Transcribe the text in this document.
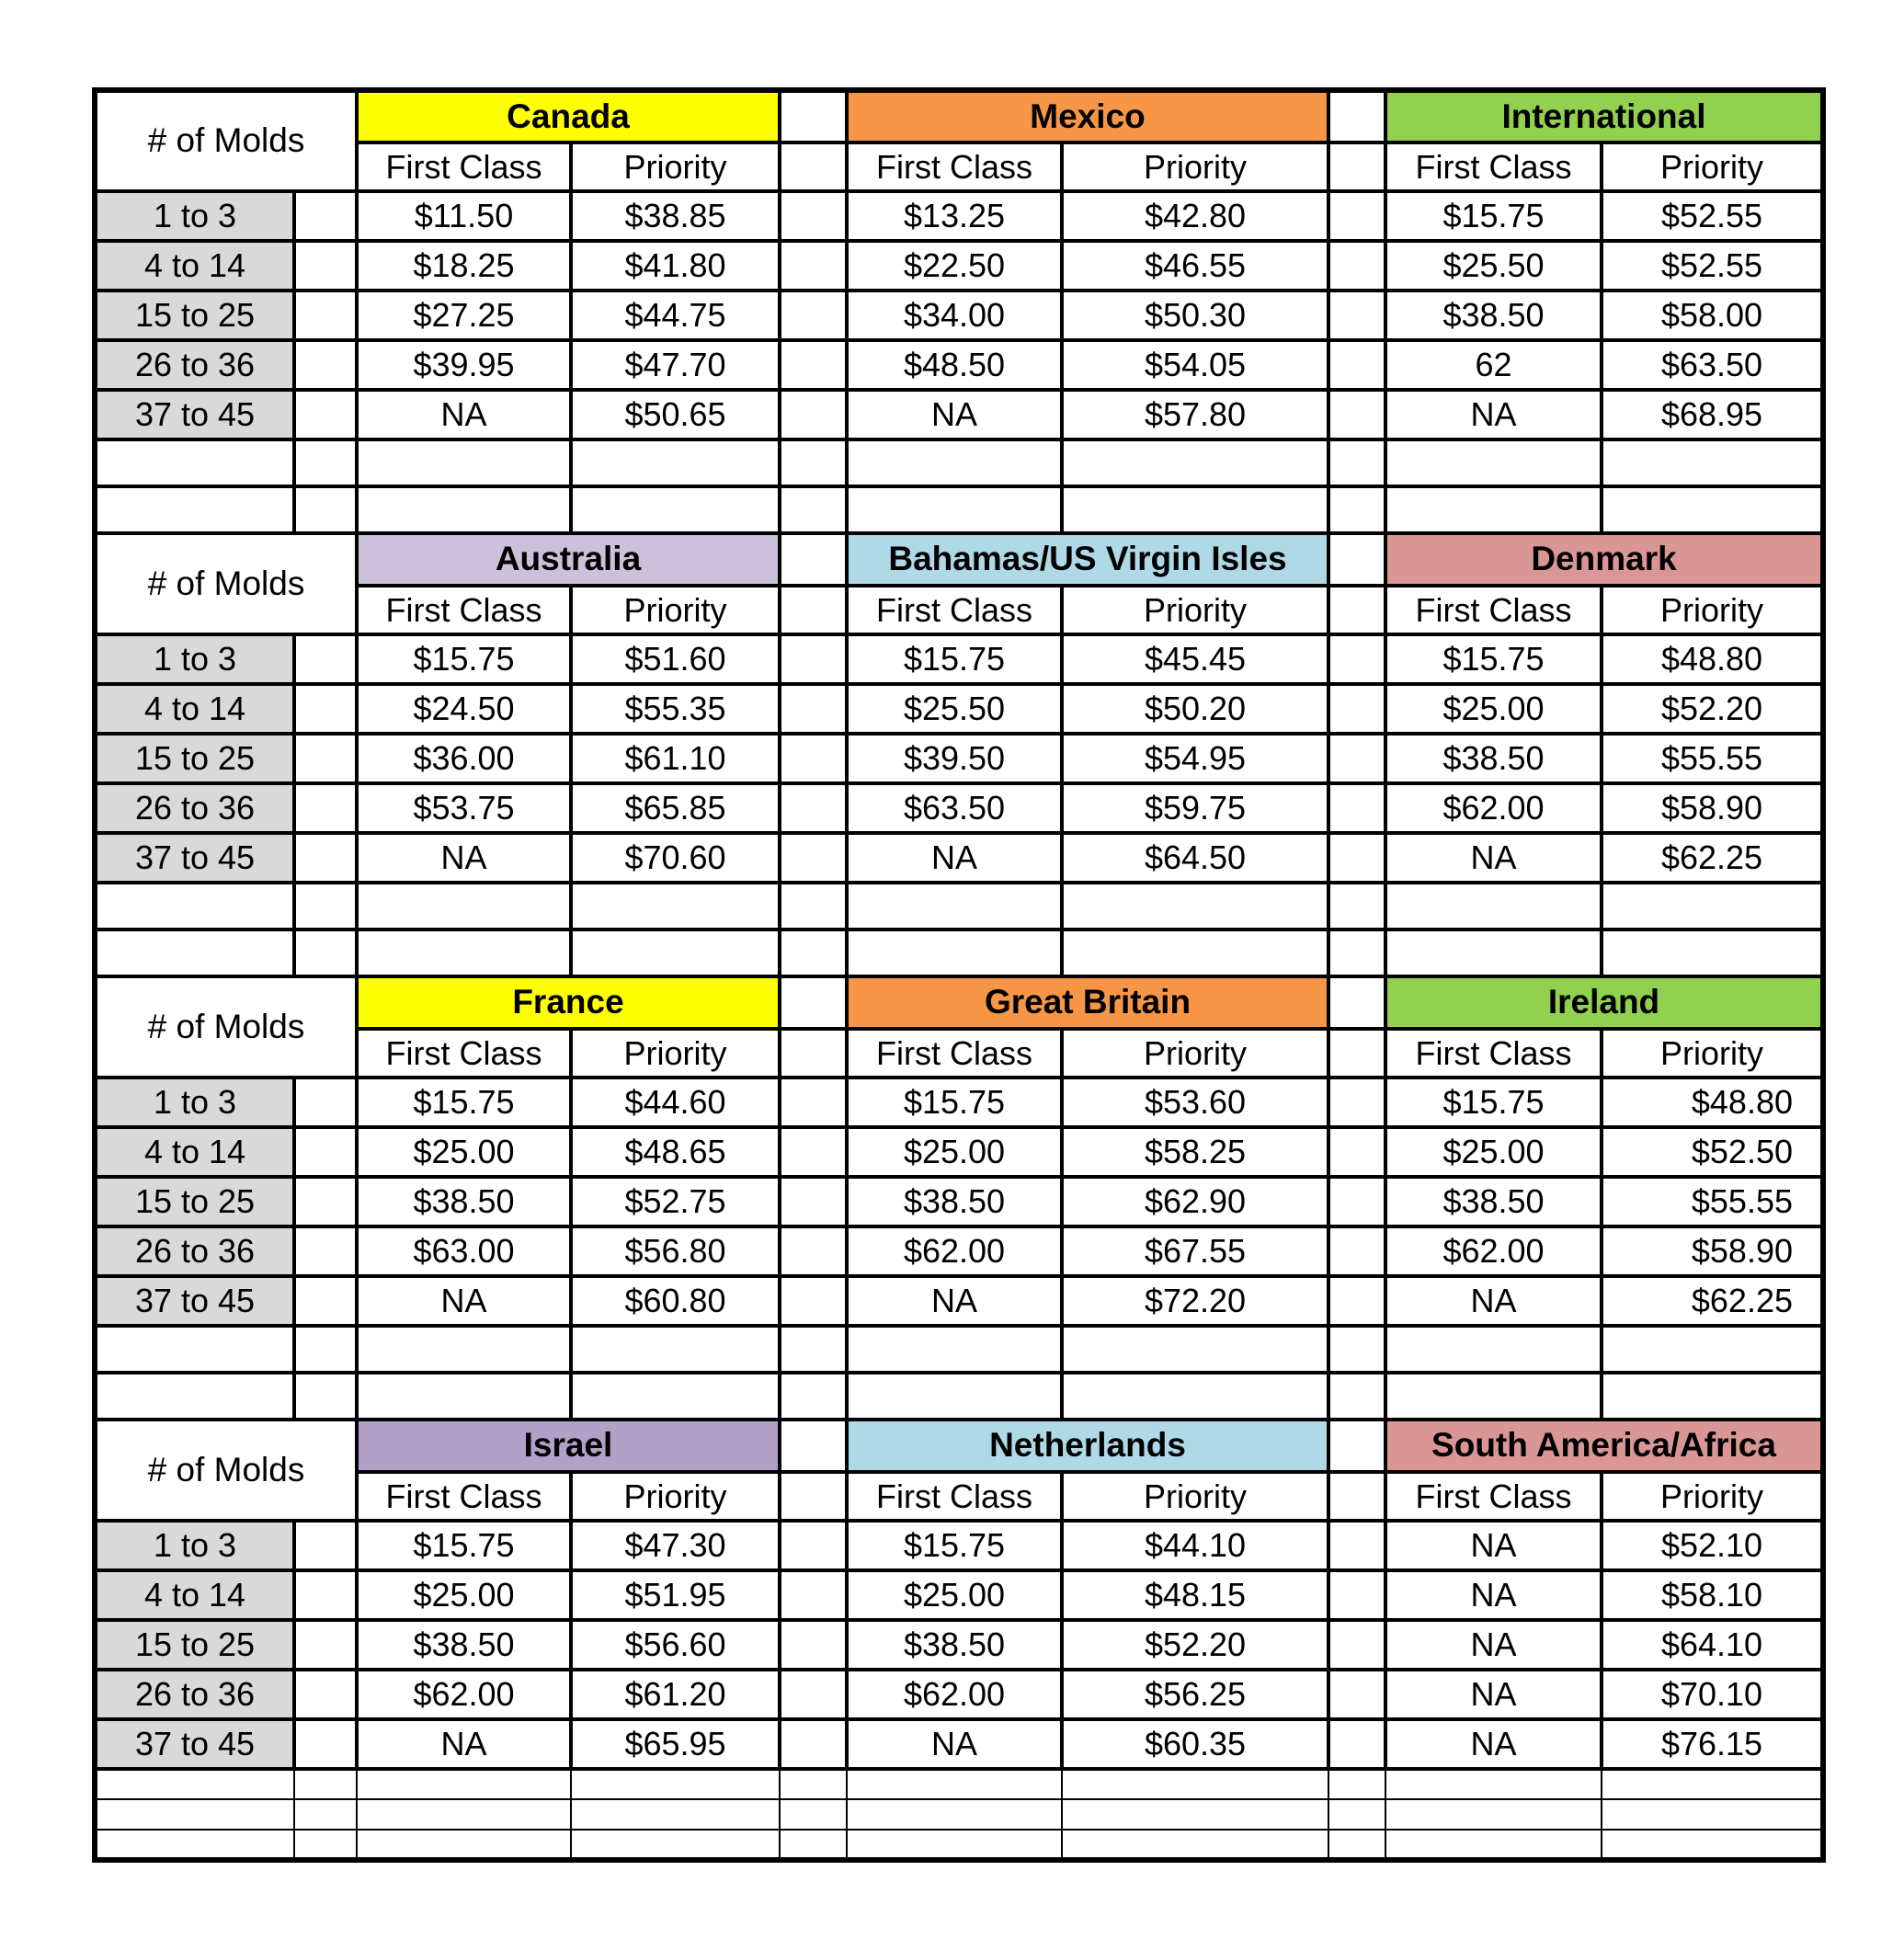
# of Molds		Canada			Mexico			International	
		First Class	Priority		First Class	Priority		First Class	Priority
1 to 3		$11.50	$38.85		$13.25	$42.80		$15.75	$52.55
4 to 14		$18.25	$41.80		$22.50	$46.55		$25.50	$52.55
15 to 25		$27.25	$44.75		$34.00	$50.30		$38.50	$58.00
26 to 36		$39.95	$47.70		$48.50	$54.05		62	$63.50
37 to 45		NA	$50.65		NA	$57.80		NA	$68.95

# of Molds		Australia			Bahamas/US Virgin Isles			Denmark	
		First Class	Priority		First Class	Priority		First Class	Priority
1 to 3		$15.75	$51.60		$15.75	$45.45		$15.75	$48.80
4 to 14		$24.50	$55.35		$25.50	$50.20		$25.00	$52.20
15 to 25		$36.00	$61.10		$39.50	$54.95		$38.50	$55.55
26 to 36		$53.75	$65.85		$63.50	$59.75		$62.00	$58.90
37 to 45		NA	$70.60		NA	$64.50		NA	$62.25

# of Molds		France			Great Britain			Ireland	
		First Class	Priority		First Class	Priority		First Class	Priority
1 to 3		$15.75	$44.60		$15.75	$53.60		$15.75	$48.80
4 to 14		$25.00	$48.65		$25.00	$58.25		$25.00	$52.50
15 to 25		$38.50	$52.75		$38.50	$62.90		$38.50	$55.55
26 to 36		$63.00	$56.80		$62.00	$67.55		$62.00	$58.90
37 to 45		NA	$60.80		NA	$72.20		NA	$62.25

# of Molds		Israel			Netherlands			South America/Africa	
		First Class	Priority		First Class	Priority		First Class	Priority
1 to 3		$15.75	$47.30		$15.75	$44.10		NA	$52.10
4 to 14		$25.00	$51.95		$25.00	$48.15		NA	$58.10
15 to 25		$38.50	$56.60		$38.50	$52.20		NA	$64.10
26 to 36		$62.00	$61.20		$62.00	$56.25		NA	$70.10
37 to 45		NA	$65.95		NA	$60.35		NA	$76.15
